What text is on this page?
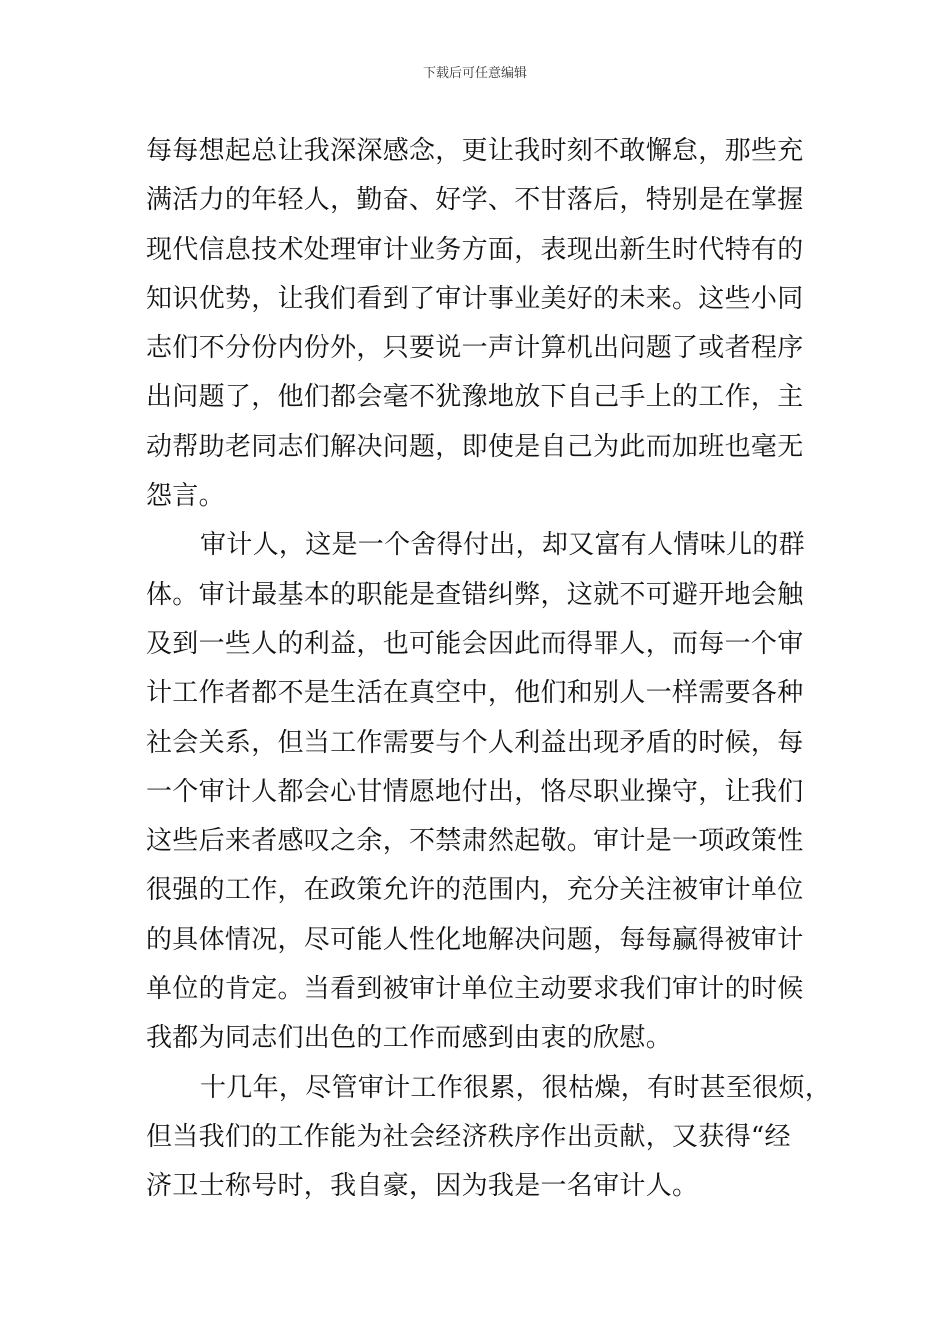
下载后可任意编辑

每每想起总让我深深感念，更让我时刻不敢懈怠，那些充
满活力的年轻人，勤奋、好学、不甘落后，特别是在掌握
现代信息技术处理审计业务方面，表现出新生时代特有的
知识优势，让我们看到了审计事业美好的未来。这些小同
志们不分份内份外，只要说一声计算机出问题了或者程序
出问题了，他们都会毫不犹豫地放下自己手上的工作，主
动帮助老同志们解决问题，即使是自己为此而加班也毫无
怨言。

审计人，这是一个舍得付出，却又富有人情味儿的群
体。审计最基本的职能是查错纠弊，这就不可避开地会触
及到一些人的利益，也可能会因此而得罪人，而每一个审
计工作者都不是生活在真空中，他们和别人一样需要各种
社会关系，但当工作需要与个人利益出现矛盾的时候，每
一个审计人都会心甘情愿地付出，恪尽职业操守，让我们
这些后来者感叹之余，不禁肃然起敬。审计是一项政策性
很强的工作，在政策允许的范围内，充分关注被审计单位
的具体情况，尽可能人性化地解决问题，每每赢得被审计
单位的肯定。当看到被审计单位主动要求我们审计的时候
我都为同志们出色的工作而感到由衷的欣慰。

十几年，尽管审计工作很累，很枯燥，有时甚至很烦，
但当我们的工作能为社会经济秩序作出贡献，又获得“经
济卫士称号时，我自豪，因为我是一名审计人。
